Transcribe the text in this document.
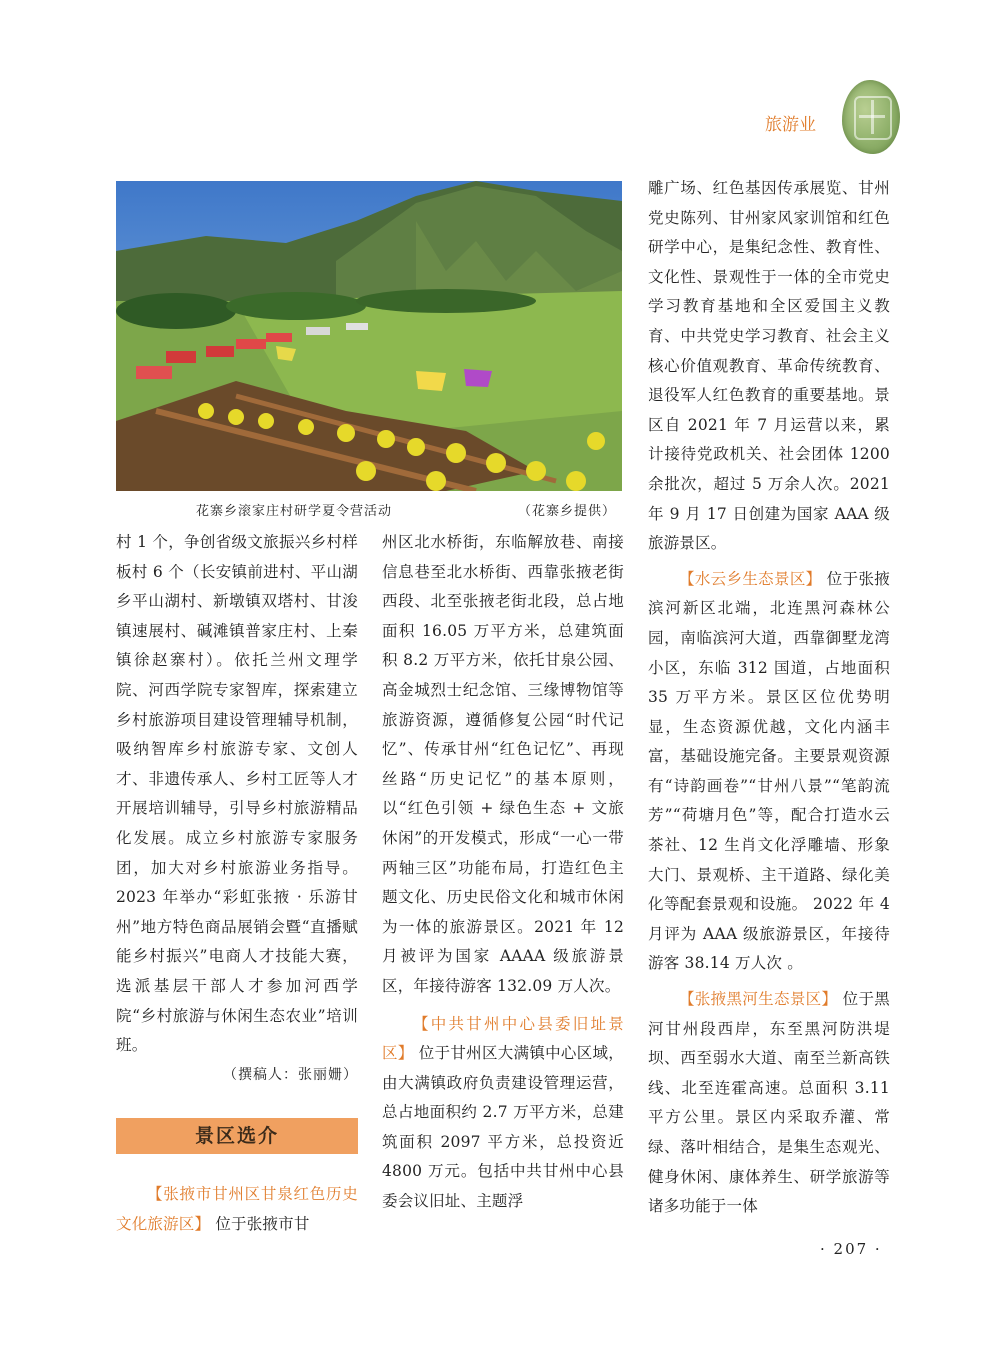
旅游业
花寨乡滚家庄村研学夏令营活动	（花寨乡提供）

村 1 个，争创省级文旅振兴乡村样板村 6 个（长安镇前进村、平山湖乡平山湖村、新墩镇双塔村、甘浚镇速展村、碱滩镇普家庄村、上秦镇徐赵寨村）。依托兰州文理学院、河西学院专家智库，探索建立乡村旅游项目建设管理辅导机制，吸纳智库乡村旅游专家、文创人才、非遗传承人、乡村工匠等人才开展培训辅导，引导乡村旅游精品化发展。成立乡村旅游专家服务团，加大对乡村旅游业务指导。2023 年举办“彩虹张掖 · 乐游甘州”地方特色商品展销会暨“直播赋能乡村振兴”电商人才技能大赛，选派基层干部人才参加河西学院“乡村旅游与休闲生态农业”培训班。

（撰稿人：张丽姗）

景区选介

【张掖市甘州区甘泉红色历史文化旅游区】 位于张掖市甘

州区北水桥街，东临解放巷、南接信息巷至北水桥街、西靠张掖老街西段、北至张掖老街北段，总占地面积 16.05 万平方米，总建筑面积 8.2 万平方米，依托甘泉公园、高金城烈士纪念馆、三缘博物馆等旅游资源，遵循修复公园“时代记忆”、传承甘州“红色记忆”、再现丝路“历史记忆”的基本原则，以“红色引领 + 绿色生态 + 文旅休闲”的开发模式，形成“一心一带两轴三区”功能布局，打造红色主题文化、历史民俗文化和城市休闲为一体的旅游景区。2021 年 12 月被评为国家 AAAA 级旅游景区，年接待游客 132.09 万人次。

【中共甘州中心县委旧址景区】 位于甘州区大满镇中心区域，由大满镇政府负责建设管理运营，总占地面积约 2.7 万平方米，总建筑面积 2097 平方米，总投资近 4800 万元。包括中共甘州中心县委会议旧址、主题浮

雕广场、红色基因传承展览、甘州党史陈列、甘州家风家训馆和红色研学中心，是集纪念性、教育性、文化性、景观性于一体的全市党史学习教育基地和全区爱国主义教育、中共党史学习教育、社会主义核心价值观教育、革命传统教育、退役军人红色教育的重要基地。景区自 2021 年 7 月运营以来，累计接待党政机关、社会团体 1200 余批次，超过 5 万余人次。2021 年 9 月 17 日创建为国家 AAA 级旅游景区。

【水云乡生态景区】 位于张掖滨河新区北端，北连黑河森林公园，南临滨河大道，西靠御墅龙湾小区，东临 312 国道，占地面积 35 万平方米。景区区位优势明显，生态资源优越，文化内涵丰富，基础设施完备。主要景观资源有“诗韵画卷”“甘州八景”“笔韵流芳”“荷塘月色”等，配合打造水云茶社、12 生肖文化浮雕墙、形象大门、景观桥、主干道路、绿化美化等配套景观和设施。 2022 年 4 月评为 AAA 级旅游景区，年接待游客 38.14 万人次 。

【张掖黑河生态景区】 位于黑河甘州段西岸，东至黑河防洪堤坝、西至弱水大道、南至兰新高铁线、北至连霍高速。总面积 3.11 平方公里。景区内采取乔灌、常绿、落叶相结合，是集生态观光、健身休闲、康体养生、研学旅游等诸多功能于一体

· 207 ·
